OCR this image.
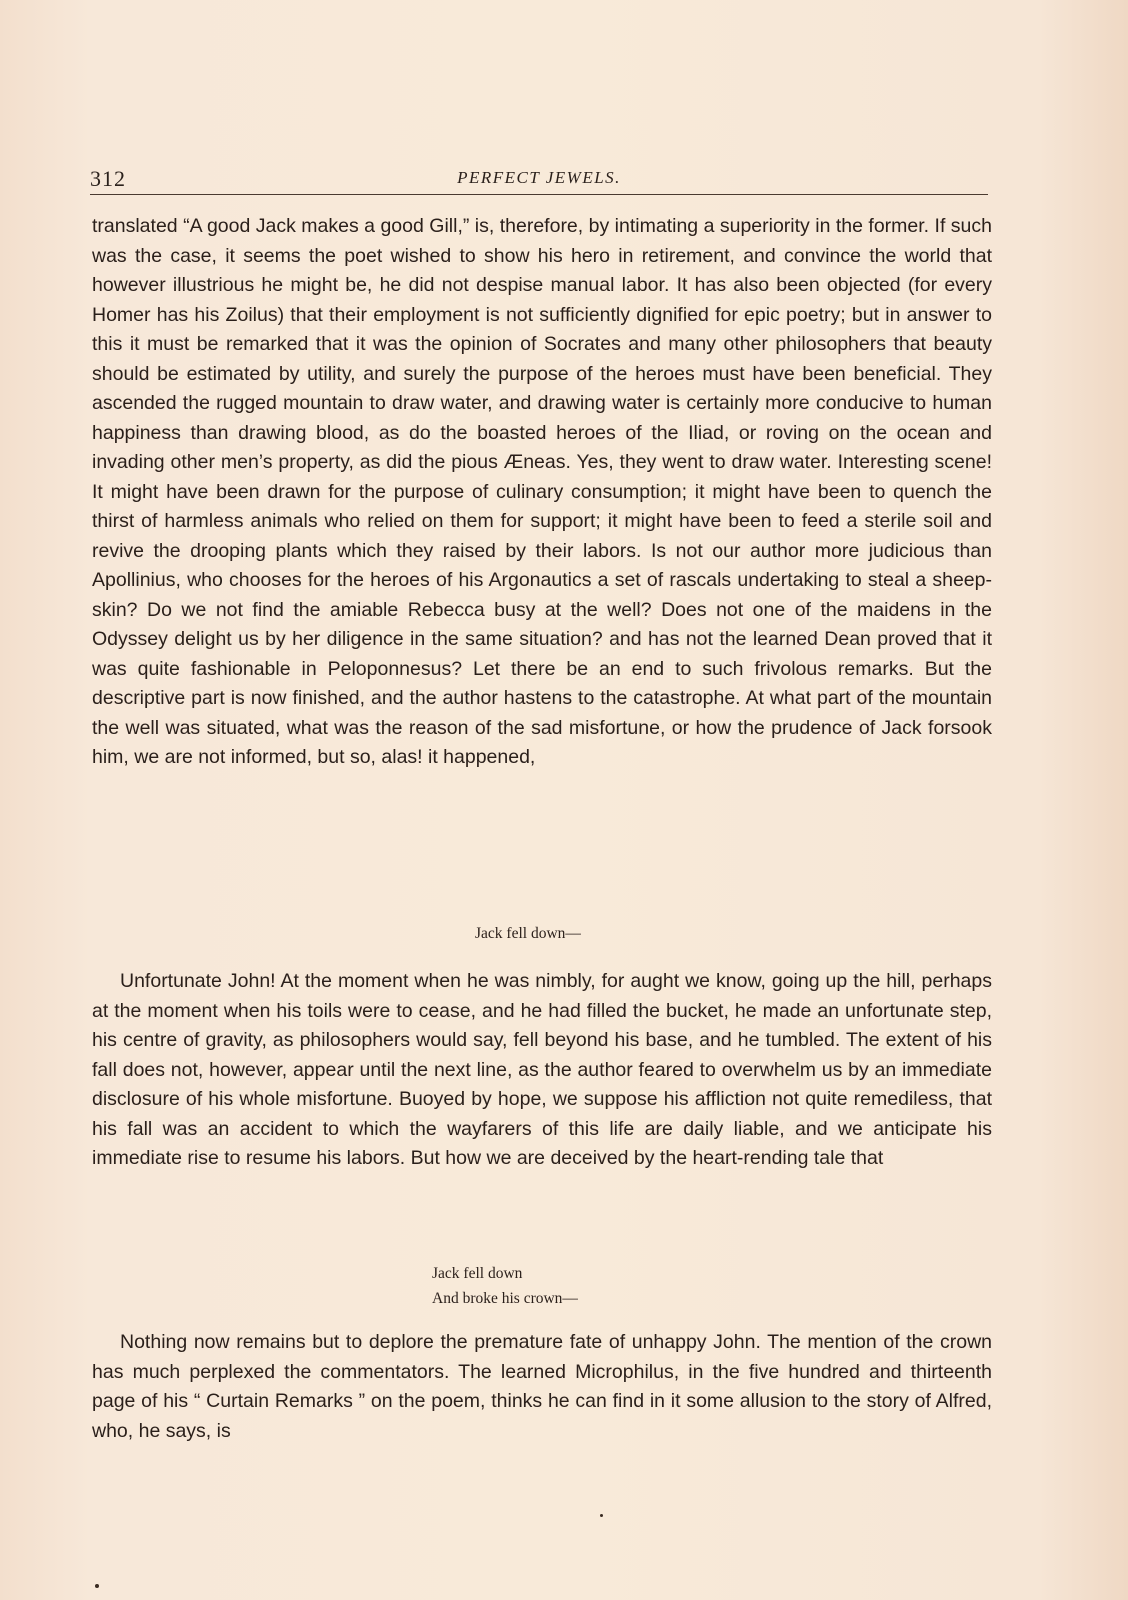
312	PERFECT JEWELS.
translated “A good Jack makes a good Gill,” is, therefore, by intimating a superiority in the former. If such was the case, it seems the poet wished to show his hero in retirement, and convince the world that however illustrious he might be, he did not despise manual labor. It has also been objected (for every Homer has his Zoilus) that their employment is not sufficiently dignified for epic poetry; but in answer to this it must be remarked that it was the opinion of Socrates and many other philosophers that beauty should be estimated by utility, and surely the purpose of the heroes must have been beneficial. They ascended the rugged mountain to draw water, and drawing water is certainly more conducive to human happiness than drawing blood, as do the boasted heroes of the Iliad, or roving on the ocean and invading other men’s property, as did the pious Æneas. Yes, they went to draw water. Interesting scene! It might have been drawn for the purpose of culinary consumption; it might have been to quench the thirst of harmless animals who relied on them for support; it might have been to feed a sterile soil and revive the drooping plants which they raised by their labors. Is not our author more judicious than Apollinius, who chooses for the heroes of his Argonautics a set of rascals undertaking to steal a sheep-skin? Do we not find the amiable Rebecca busy at the well? Does not one of the maidens in the Odyssey delight us by her diligence in the same situation? and has not the learned Dean proved that it was quite fashionable in Peloponnesus? Let there be an end to such frivolous remarks. But the descriptive part is now finished, and the author hastens to the catastrophe. At what part of the mountain the well was situated, what was the reason of the sad misfortune, or how the prudence of Jack forsook him, we are not informed, but so, alas! it happened,
Jack fell down—
Unfortunate John! At the moment when he was nimbly, for aught we know, going up the hill, perhaps at the moment when his toils were to cease, and he had filled the bucket, he made an unfortunate step, his centre of gravity, as philosophers would say, fell beyond his base, and he tumbled. The extent of his fall does not, however, appear until the next line, as the author feared to overwhelm us by an immediate disclosure of his whole misfortune. Buoyed by hope, we suppose his affliction not quite remediless, that his fall was an accident to which the wayfarers of this life are daily liable, and we anticipate his immediate rise to resume his labors. But how we are deceived by the heart-rending tale that
Jack fell down
And broke his crown—
Nothing now remains but to deplore the premature fate of unhappy John. The mention of the crown has much perplexed the commentators. The learned Microphilus, in the five hundred and thirteenth page of his “ Curtain Remarks ” on the poem, thinks he can find in it some allusion to the story of Alfred, who, he says, is
